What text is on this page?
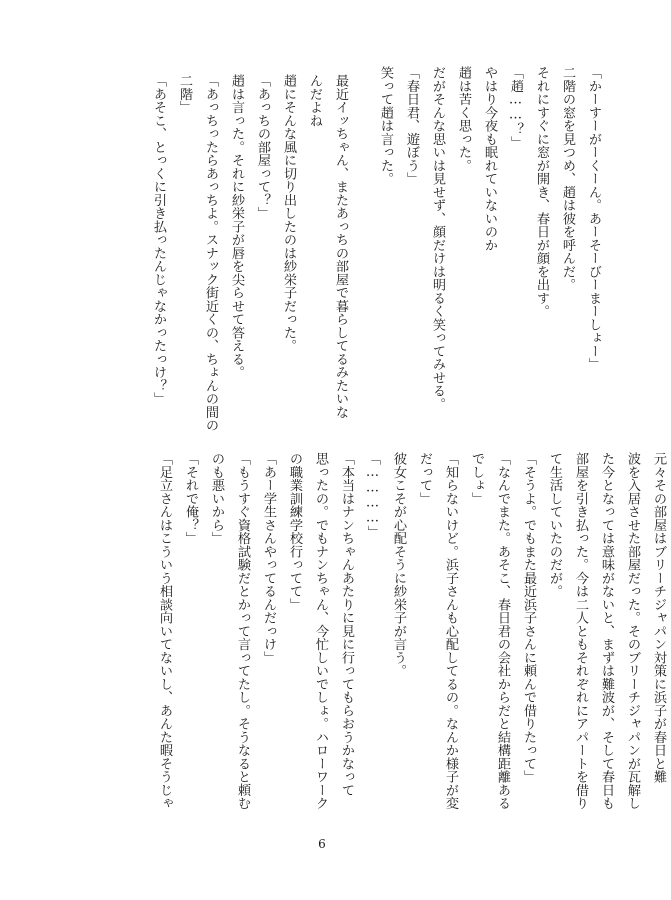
「かーすーがーくーん。あーそーびーまーしょー」
二階の窓を見つめ、趙は彼を呼んだ。
それにすぐに窓が開き、春日が顔を出す。
「趙……？」
やはり今夜も眠れていないのか
趙は苦く思った。
だがそんな思いは見せず、顔だけは明るく笑ってみせる。
「春日君、遊ぼう」
笑って趙は言った。
最近イッちゃん、またあっちの部屋で暮らしてるみたいな
んだよね
趙にそんな風に切り出したのは紗栄子だった。
「あっちの部屋って？」
趙は言った。それに紗栄子が唇を尖らせて答える。
「あっちったらあっちよ。スナック街近くの、ちょんの間の
二階」
「あそこ、とっくに引き払ったんじゃなかったっけ？」
元々その部屋はブリーチジャパン対策に浜子が春日と難
波を入居させた部屋だった。そのブリーチジャパンが瓦解し
た今となっては意味がないと、まずは難波が、そして春日も
部屋を引き払った。今は二人ともそれぞれにアパートを借り
て生活していたのだが。
「そうよ。でもまた最近浜子さんに頼んで借りたって」
「なんでまた。あそこ、春日君の会社からだと結構距離ある
でしょ」
「知らないけど。浜子さんも心配してるの。なんか様子が変
だって」
彼女こそが心配そうに紗栄子が言う。
「…………」
「本当はナンちゃんあたりに見に行ってもらおうかなって
思ったの。でもナンちゃん、今忙しいでしょ。ハローワーク
の職業訓練学校行ってて」
「あー学生さんやってるんだっけ」
「もうすぐ資格試験だとかって言ってたし。そうなると頼む
のも悪いから」
「それで俺？」
「足立さんはこういう相談向いてないし、あんた暇そうじゃ
6
